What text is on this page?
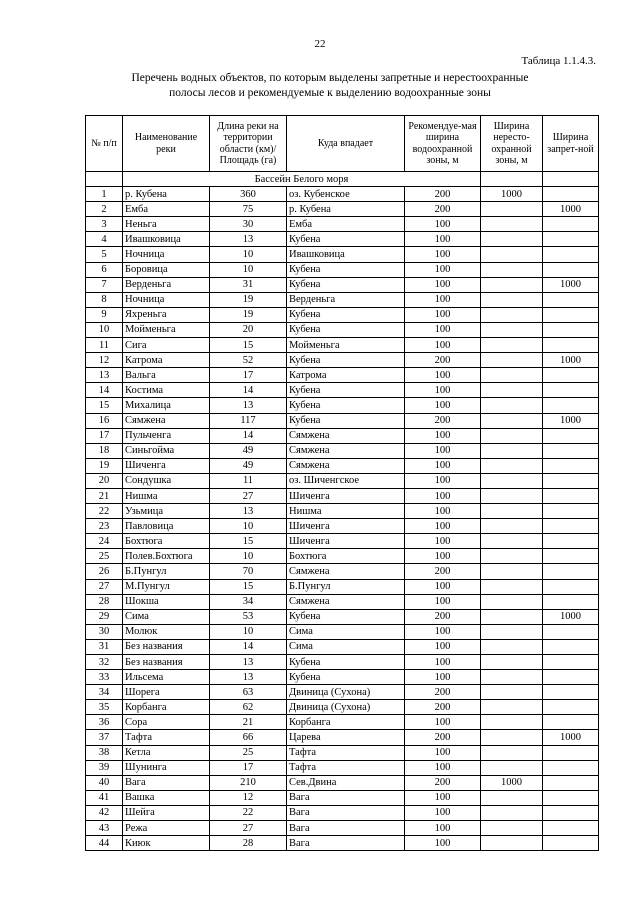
22
Таблица 1.1.4.3.
Перечень водных объектов, по которым выделены запретные и нерестоохранные
полосы лесов и рекомендуемые к выделению водоохранные зоны
№ п/п	Наименование реки	Длина реки на территории области (км)/ Площадь (га)	Куда впадает	Рекомендуе-мая ширина водоохранной зоны, м	Ширина нересто-охранной зоны, м	Ширина запрет-ной
	Бассейн Белого моря					
1	р. Кубена	360	оз. Кубенское	200	1000	
2	Емба	75	р. Кубена	200		1000
3	Неньга	30	Емба	100		
4	Ивашковица	13	Кубена	100		
5	Ночница	10	Ивашковица	100		
6	Боровица	10	Кубена	100		
7	Верденьга	31	Кубена	100		1000
8	Ночница	19	Верденьга	100		
9	Яхреньга	19	Кубена	100		
10	Мойменьга	20	Кубена	100		
11	Сига	15	Мойменьга	100		
12	Катрома	52	Кубена	200		1000
13	Вальга	17	Катрома	100		
14	Костима	14	Кубена	100		
15	Михалица	13	Кубена	100		
16	Сямжена	117	Кубена	200		1000
17	Пульченга	14	Сямжена	100		
18	Синьгойма	49	Сямжена	100		
19	Шиченга	49	Сямжена	100		
20	Сондушка	11	оз. Шиченгское	100		
21	Нишма	27	Шиченга	100		
22	Узьмица	13	Нишма	100		
23	Павловица	10	Шиченга	100		
24	Бохтюга	15	Шиченга	100		
25	Полев.Бохтюга	10	Бохтюга	100		
26	Б.Пунгул	70	Сямжена	200		
27	М.Пунгул	15	Б.Пунгул	100		
28	Шокша	34	Сямжена	100		
29	Сима	53	Кубена	200		1000
30	Молюк	10	Сима	100		
31	Без названия	14	Сима	100		
32	Без названия	13	Кубена	100		
33	Ильсема	13	Кубена	100		
34	Шорега	63	Двиница (Сухона)	200		
35	Корбанга	62	Двиница (Сухона)	200		
36	Сора	21	Корбанга	100		
37	Тафта	66	Царева	200		1000
38	Кетла	25	Тафта	100		
39	Шунинга	17	Тафта	100		
40	Вага	210	Сев.Двина	200	1000	
41	Вашка	12	Вага	100		
42	Шейга	22	Вага	100		
43	Режа	27	Вага	100		
44	Киюк	28	Вага	100		
